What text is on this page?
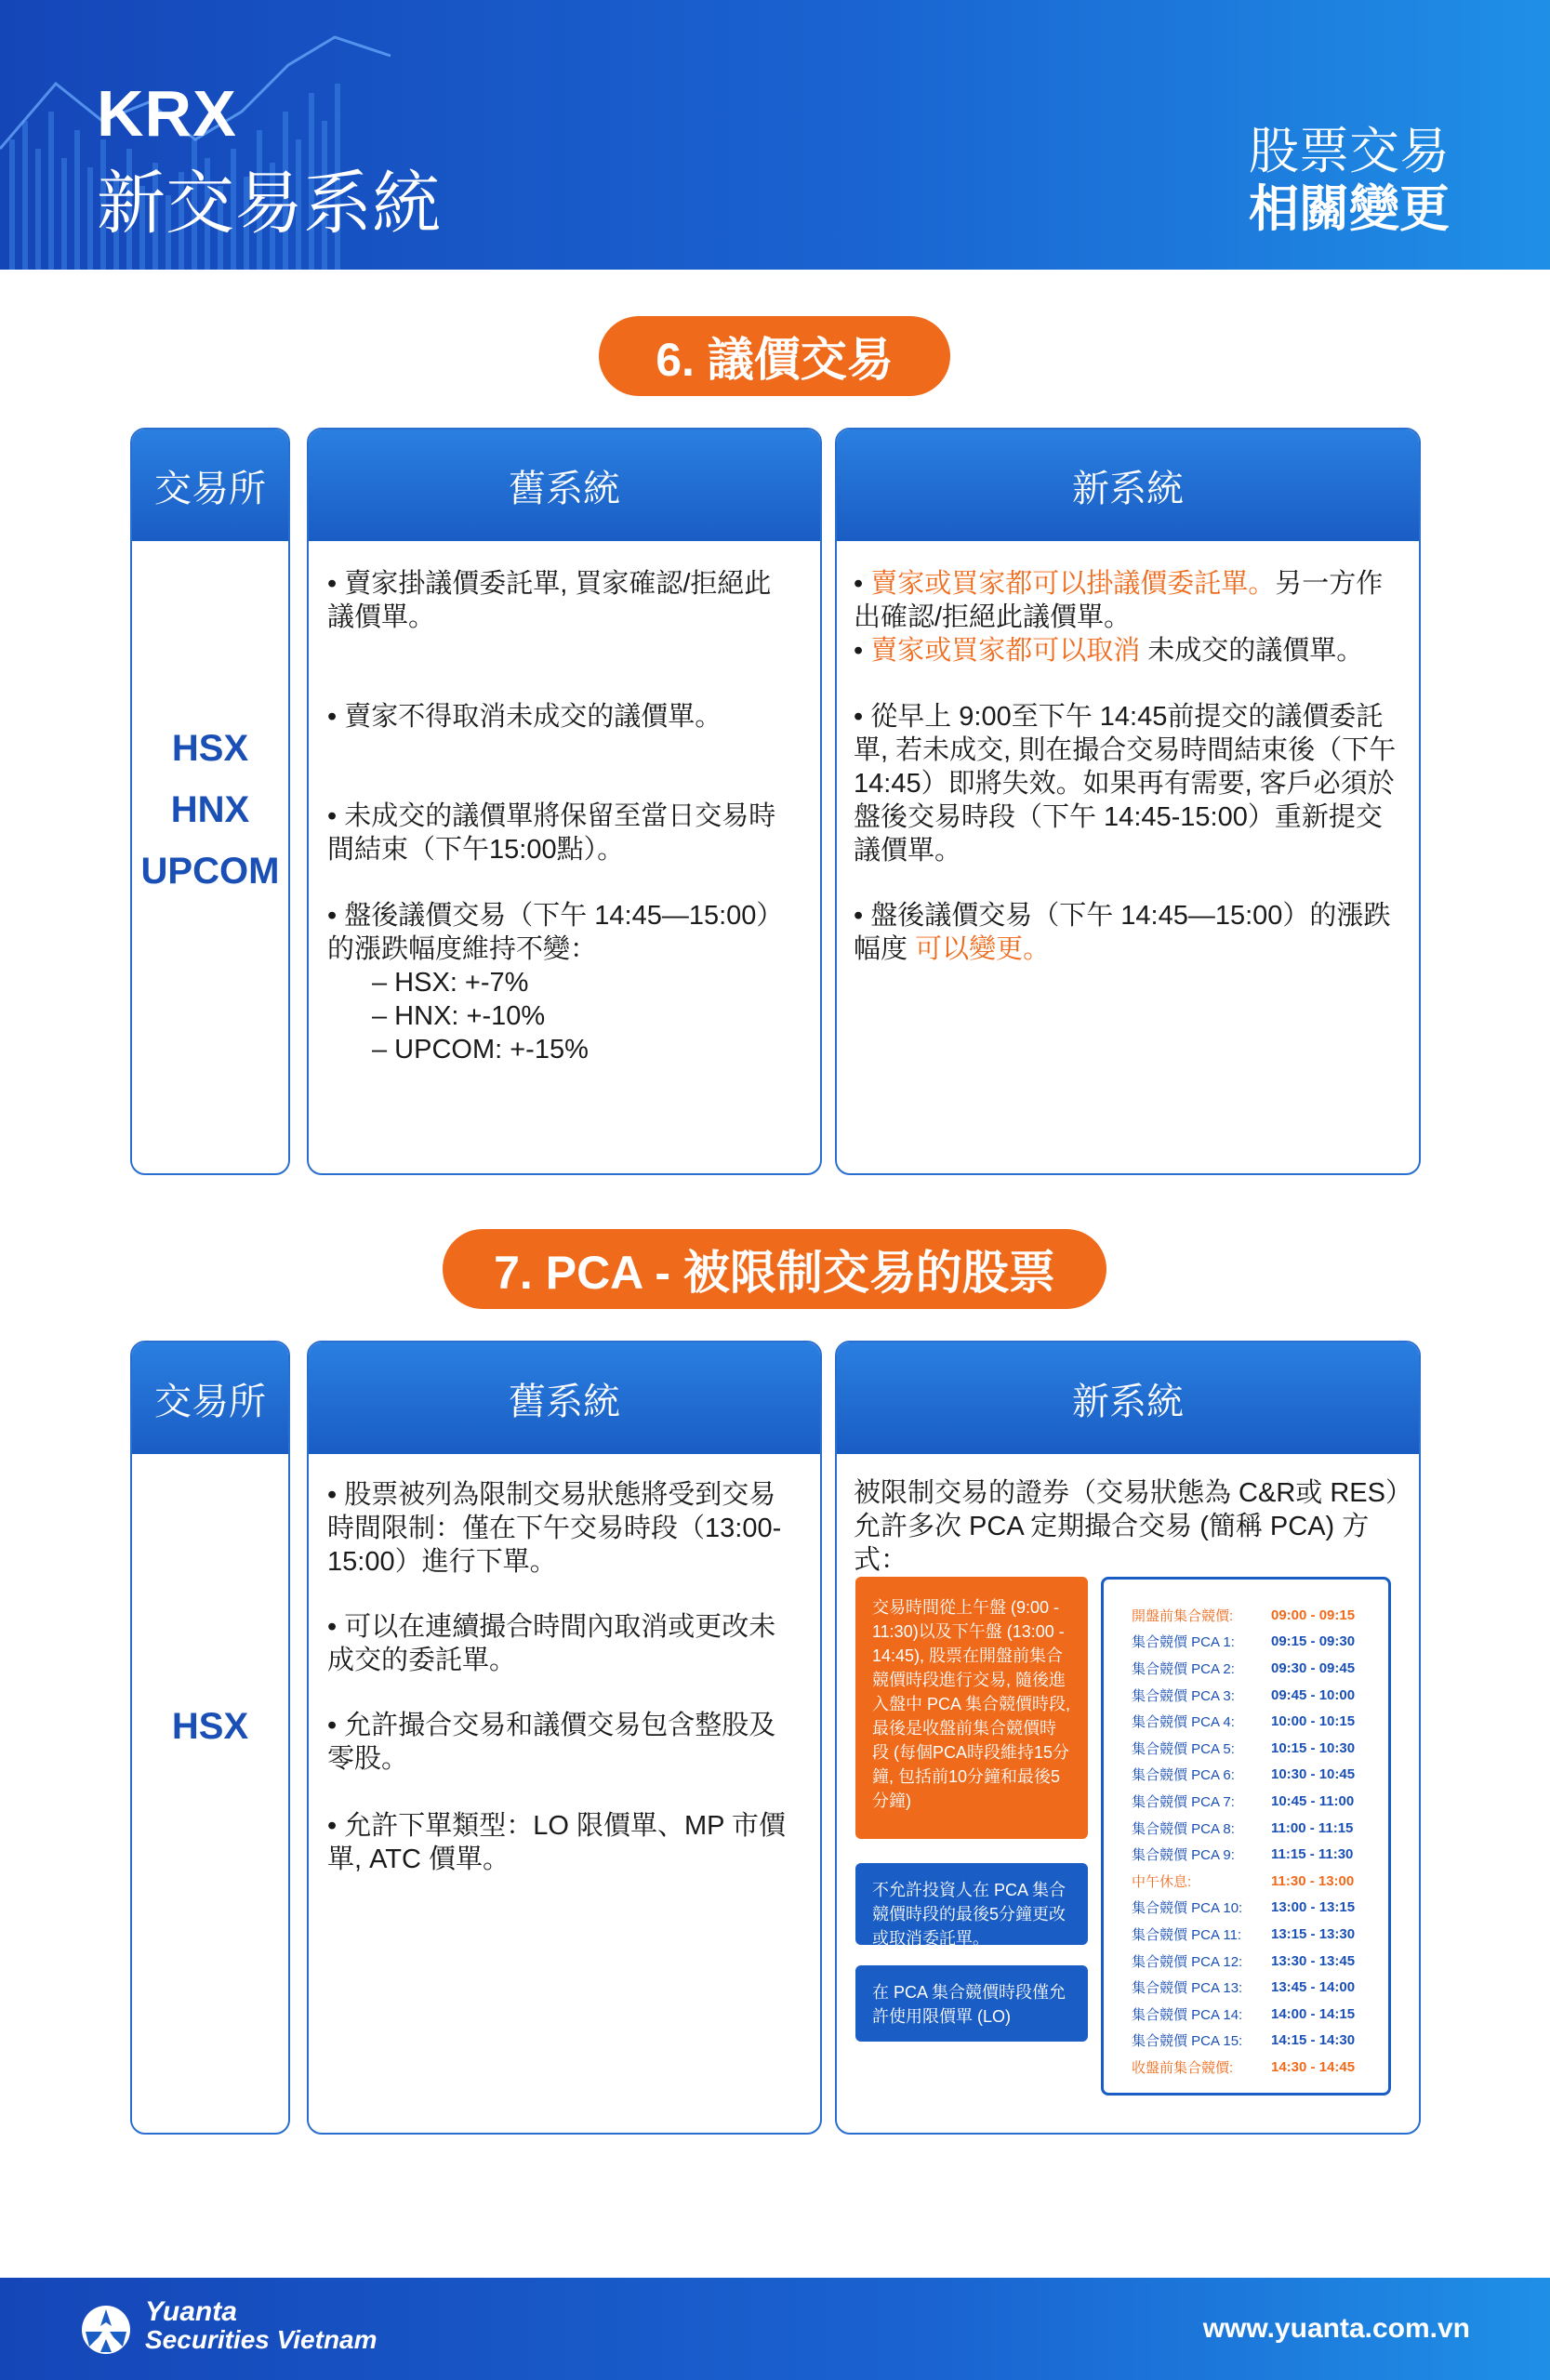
KRX
新交易系統
股票交易
相關變更
6. 議價交易
交易所
HSX
HNX
UPCOM
舊系統
• 賣家掛議價委託單, 買家確認/拒絕此議價單。
• 賣家不得取消未成交的議價單。
• 未成交的議價單將保留至當日交易時間結束（下午15:00點）。
• 盤後議價交易（下午 14:45—15:00）的漲跌幅度維持不變：
– HSX: +-7%
– HNX: +-10%
– UPCOM: +-15%
新系統
• 賣家或買家都可以掛議價委託單。另一方作出確認/拒絕此議價單。
• 賣家或買家都可以取消 未成交的議價單。
• 從早上 9:00至下午 14:45前提交的議價委託單, 若未成交, 則在撮合交易時間結束後（下午14:45）即將失效。如果再有需要, 客戶必須於盤後交易時段（下午 14:45-15:00）重新提交議價單。
• 盤後議價交易（下午 14:45—15:00）的漲跌幅度 可以變更。
7. PCA - 被限制交易的股票
交易所
HSX
舊系統
• 股票被列為限制交易狀態將受到交易時間限制：僅在下午交易時段（13:00-15:00）進行下單。
• 可以在連續撮合時間內取消或更改未成交的委託單。
• 允許撮合交易和議價交易包含整股及零股。
• 允許下單類型：LO 限價單、MP 市價單, ATC 價單。
新系統
被限制交易的證券（交易狀態為 C&R或 RES）允許多次 PCA 定期撮合交易 (簡稱 PCA) 方式：
交易時間從上午盤 (9:00 - 11:30)以及下午盤 (13:00 - 14:45), 股票在開盤前集合競價時段進行交易, 隨後進入盤中 PCA 集合競價時段, 最後是收盤前集合競價時段 (每個PCA時段維持15分鐘, 包括前10分鐘和最後5分鐘)
不允許投資人在 PCA 集合競價時段的最後5分鐘更改或取消委託單。
在 PCA 集合競價時段僅允許使用限價單 (LO)
開盤前集合競價:	09:00 - 09:15
集合競價 PCA 1:	09:15 - 09:30
集合競價 PCA 2:	09:30 - 09:45
集合競價 PCA 3:	09:45 - 10:00
集合競價 PCA 4:	10:00 - 10:15
集合競價 PCA 5:	10:15 - 10:30
集合競價 PCA 6:	10:30 - 10:45
集合競價 PCA 7:	10:45 - 11:00
集合競價 PCA 8:	11:00 - 11:15
集合競價 PCA 9:	11:15 - 11:30
中午休息:	11:30 - 13:00
集合競價 PCA 10:	13:00 - 13:15
集合競價 PCA 11:	13:15 - 13:30
集合競價 PCA 12:	13:30 - 13:45
集合競價 PCA 13:	13:45 - 14:00
集合競價 PCA 14:	14:00 - 14:15
集合競價 PCA 15:	14:15 - 14:30
收盤前集合競價:	14:30 - 14:45
Yuanta
Securities Vietnam	www.yuanta.com.vn
